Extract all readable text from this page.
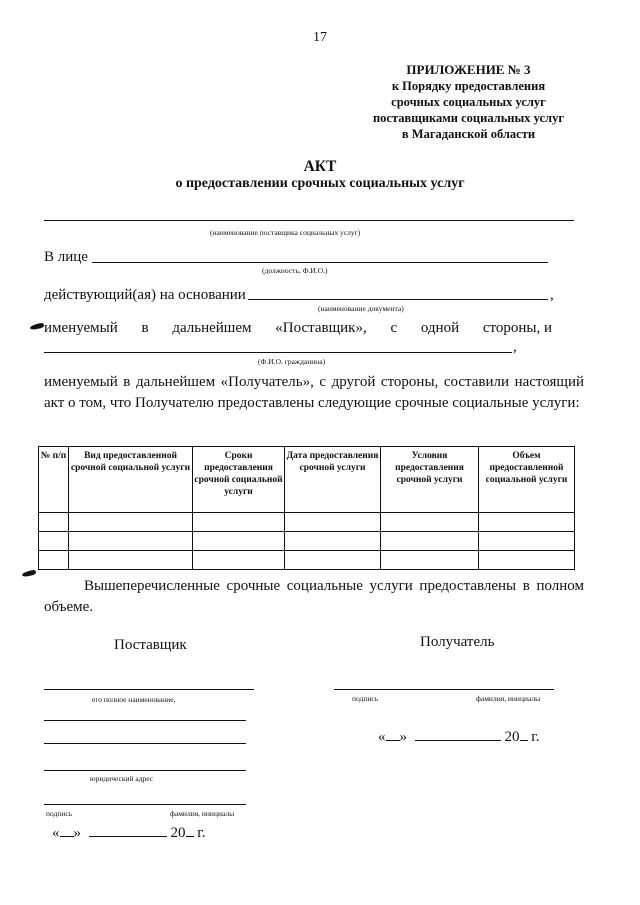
17
ПРИЛОЖЕНИЕ № 3
к Порядку предоставления
срочных социальных услуг
поставщиками социальных услуг
в Магаданской области
АКТ
о предоставлении срочных социальных услуг
(наименование поставщика социальных услуг)
В лице
(должность, Ф.И.О.)
действующий(ая) на основании	,
(наименование документа)
именуемый в дальнейшем «Поставщик», с одной стороны, и
,
(Ф.И.О. гражданина)
именуемый в дальнейшем «Получатель», с другой стороны, составили настоящий акт о том, что Получателю предоставлены следующие срочные социальные услуги:
№ п/п	Вид предоставленной срочной социальной услуги	Сроки предоставления срочной социальной услуги	Дата предоставления срочной услуги	Условия предоставления срочной услуги	Объем предоставленной социальной услуги

Вышеперечисленные срочные социальные услуги предоставлены в полном объеме.
Поставщик
его полное наименование,
юридический адрес
подпись	фамилия, инициалы
« »	20 г.
Получатель
подпись	фамилия, инициалы
« »	20 г.
